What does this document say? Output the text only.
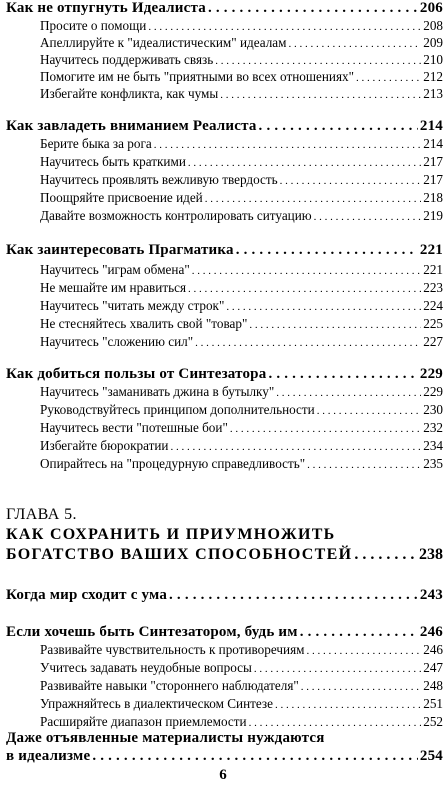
Как не отпугнуть Идеалиста . . .	206
Просите о помощи . . .	208
Апеллируйте к "идеалистическим" идеалам . . .	209
Научитесь поддерживать связь . . .	210
Помогите им не быть "приятными во всех отношениях" . . .	212
Избегайте конфликта, как чумы . . .	213
Как завладеть вниманием Реалиста . . .	214
Берите быка за рога . . .	214
Научитесь быть краткими . . .	217
Научитесь проявлять вежливую твердость . . .	217
Поощряйте присвоение идей . . .	218
Давайте возможность контролировать ситуацию . . .	219
Как заинтересовать Прагматика . . .	221
Научитесь "играм обмена" . . .	221
Не мешайте им нравиться . . .	223
Научитесь "читать между строк" . . .	224
Не стесняйтесь хвалить свой "товар" . . .	225
Научитесь "сложению сил" . . .	227
Как добиться пользы от Синтезатора . . .	229
Научитесь "заманивать джина в бутылку" . . .	229
Руководствуйтесь принципом дополнительности . . .	230
Научитесь вести "потешные бои" . . .	232
Избегайте бюрократии . . .	234
Опирайтесь на "процедурную справедливость" . . .	235
ГЛАВА 5.
КАК СОХРАНИТЬ И ПРИУМНОЖИТЬ
БОГАТСТВО ВАШИХ СПОСОБНОСТЕЙ . . .	238
Когда мир сходит с ума . . .	243
Если хочешь быть Синтезатором, будь им . . .	246
Развивайте чувствительность к противоречиям . . .	246
Учитесь задавать неудобные вопросы . . .	247
Развивайте навыки "стороннего наблюдателя" . . .	248
Упражняйтесь в диалектическом Синтезе . . .	251
Расширяйте диапазон приемлемости . . .	252
Даже отъявленные материалисты нуждаются
в идеализме . . .	254
6
